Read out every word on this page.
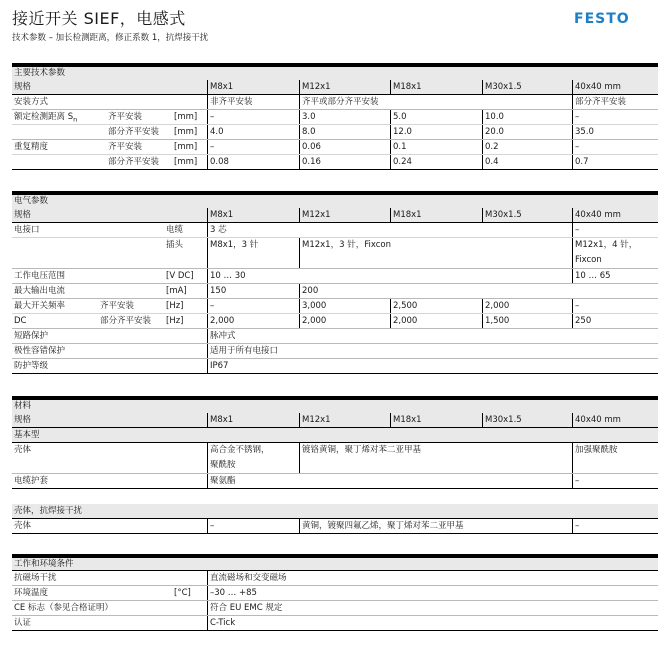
接近开关 SIEF，电感式
技术参数 – 加长检测距离，修正系数 1，抗焊接干扰
FESTO
主要技术参数
规格	M8x1	M12x1	M18x1	M30x1.5	40x40 mm
安装方式	非齐平安装	齐平或部分齐平安装	部分齐平安装
额定检测距离 $S_n$	齐平安装	[mm]	–	3.0	5.0	10.0	–
部分齐平安装 [mm]	4.0	8.0	12.0	20.0	35.0
重复精度	齐平安装	[mm]	–	0.06	0.1	0.2	–
部分齐平安装 [mm]	0.08	0.16	0.24	0.4	0.7
电气参数
规格	M8x1	M12x1	M18x1	M30x1.5	40x40 mm
电接口	电缆	3 芯	–
插头	M8x1，3 针	M12x1，3 针，Fixcon	M12x1，4 针，
Fixcon
工作电压范围	[V DC]	10 … 30	10 … 65
最大输出电流	[mA]	150	200
最大开关频率	齐平安装	[Hz]	–	3,000	2,500	2,000	–
DC	部分齐平安装 [Hz]	2,000	2,000	2,000	1,500	250
短路保护	脉冲式
极性容错保护	适用于所有电接口
防护等级	IP67
材料
规格	M8x1	M12x1	M18x1	M30x1.5	40x40 mm
基本型
壳体	高合金不锈钢，
聚酰胺
镀铬黄铜，聚丁烯对苯二亚甲基	加强聚酰胺
电缆护套	聚氨酯	–
壳体，抗焊接干扰
壳体	–	黄铜，镀聚四氟乙烯，聚丁烯对苯二亚甲基	–
工作和环境条件
抗磁场干扰	直流磁场和交变磁场
环境温度	[°C]	–30 … +85
CE 标志（参见合格证明）	符合 EU EMC 规定
认证	C-Tick
